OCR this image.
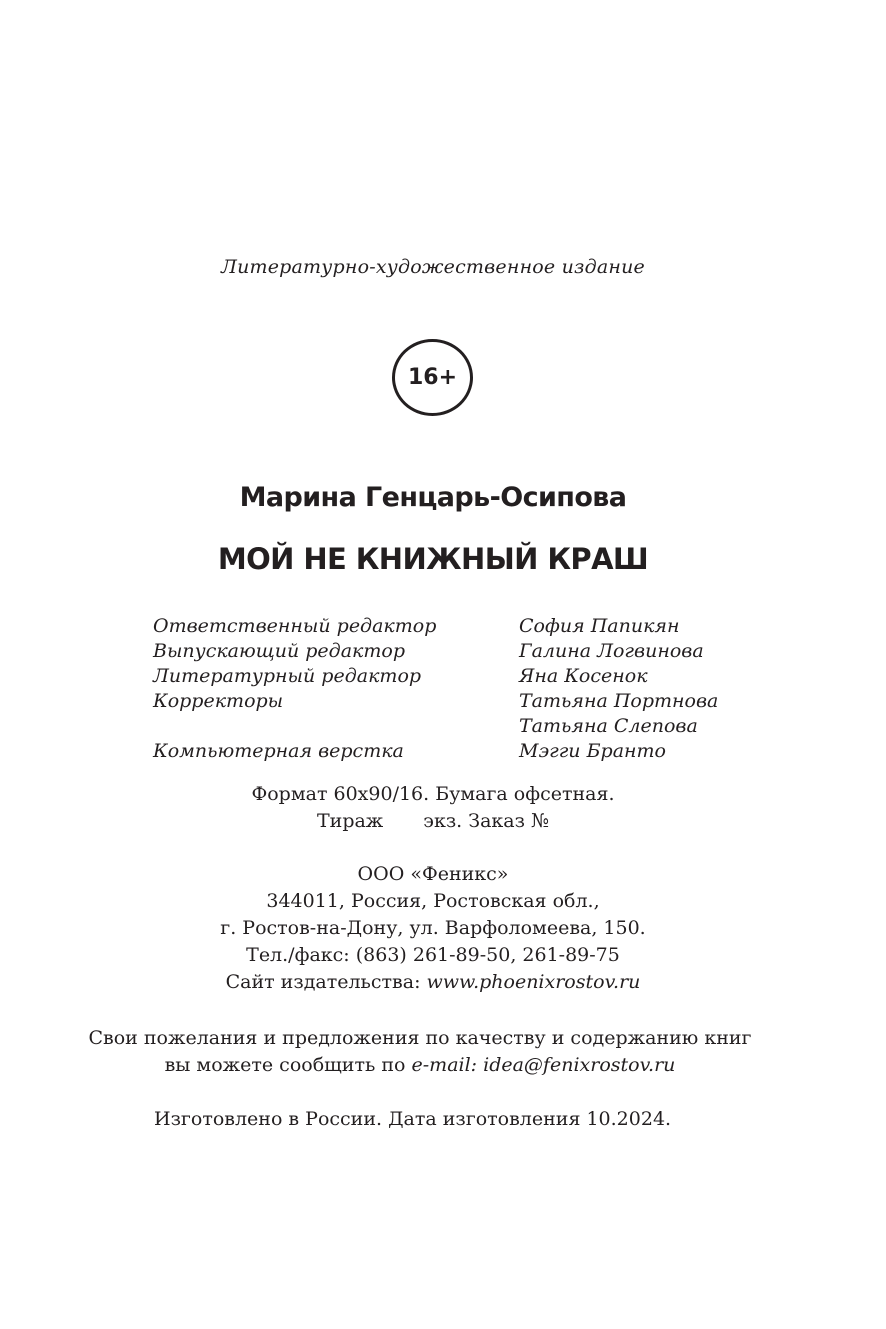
Литературно-художественное издание
16+
Марина Генцарь-Осипова
МОЙ НЕ КНИЖНЫЙ КРАШ
Ответственный редактор	София Папикян
Выпускающий редактор	Галина Логвинова
Литературный редактор	Яна Косенок
Корректоры	Татьяна Портнова
Татьяна Слепова
Компьютерная верстка	Мэгги Бранто
Формат 60х90/16. Бумага офсетная.
Тираж экз. Заказ №
ООО «Феникс»
344011, Россия, Ростовская обл.,
г. Ростов-на-Дону, ул. Варфоломеева, 150.
Тел./факс: (863) 261-89-50, 261-89-75
Сайт издательства: www.phoenixrostov.ru
Свои пожелания и предложения по качеству и содержанию книг
вы можете сообщить по e-mail: idea@fenixrostov.ru
Изготовлено в России. Дата изготовления 10.2024.
